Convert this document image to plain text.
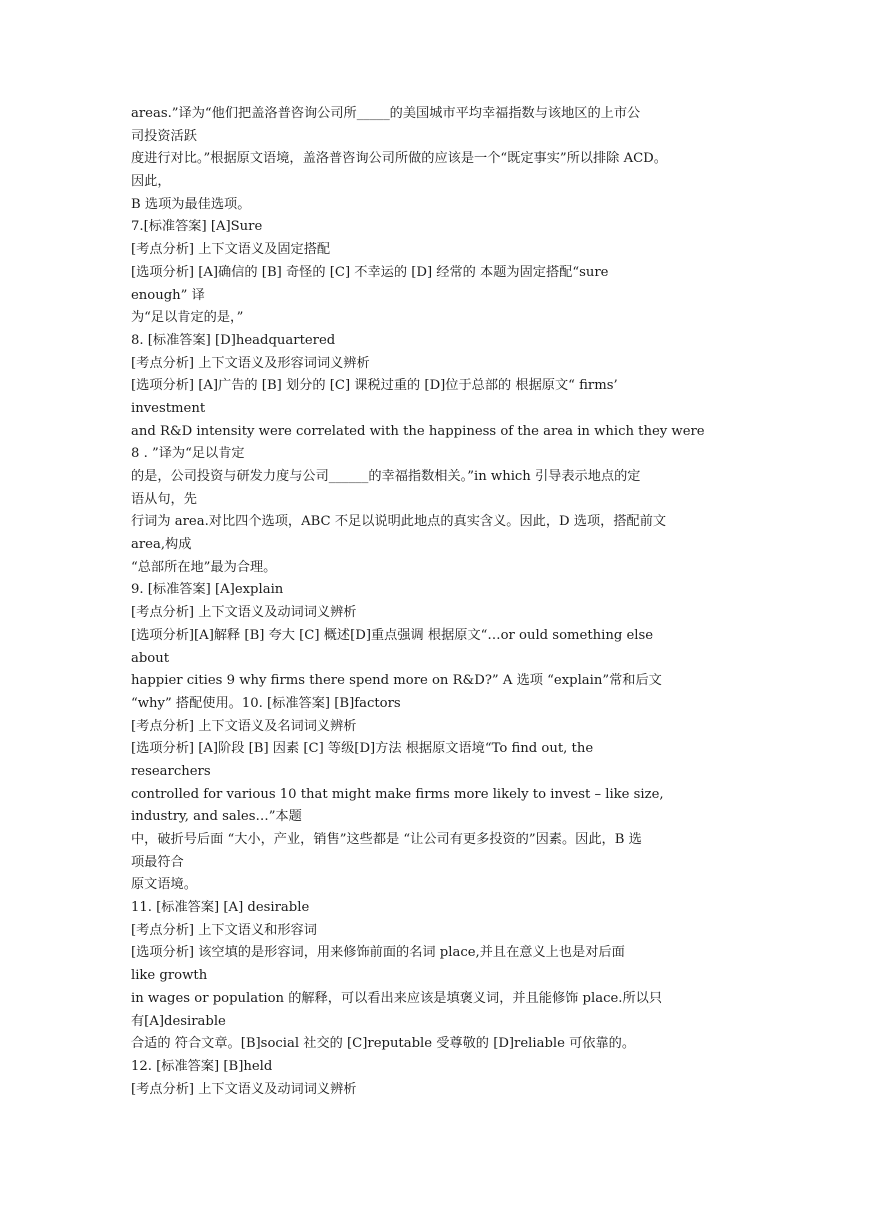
areas.”译为“他们把盖洛普咨询公司所_____的美国城市平均幸福指数与该地区的上市公
司投资活跃
度进行对比。”根据原文语境，盖洛普咨询公司所做的应该是一个“既定事实”所以排除 ACD。
因此，
B 选项为最佳选项。
7.[标准答案] [A]Sure
[考点分析] 上下文语义及固定搭配
[选项分析] [A]确信的 [B] 奇怪的 [C] 不幸运的 [D] 经常的 本题为固定搭配“sure
enough” 译
为“足以肯定的是，”
8. [标准答案] [D]headquartered
[考点分析] 上下文语义及形容词词义辨析
[选项分析] [A]广告的 [B] 划分的 [C] 课税过重的 [D]位于总部的 根据原文“ firms’
investment
and R&D intensity were correlated with the happiness of the area in which they were
8 . ”译为“足以肯定
的是，公司投资与研发力度与公司______的幸福指数相关。”in which 引导表示地点的定
语从句，先
行词为 area.对比四个选项，ABC 不足以说明此地点的真实含义。因此，D 选项，搭配前文
area,构成
“总部所在地”最为合理。
9. [标准答案] [A]explain
[考点分析] 上下文语义及动词词义辨析
[选项分析][A]解释 [B] 夸大 [C] 概述[D]重点强调 根据原文“…or ould something else
about
happier cities 9 why firms there spend more on R&D?” A 选项 “explain”常和后文
“why” 搭配使用。10. [标准答案] [B]factors
[考点分析] 上下文语义及名词词义辨析
[选项分析] [A]阶段 [B] 因素 [C] 等级[D]方法 根据原文语境“To find out, the
researchers
controlled for various 10 that might make firms more likely to invest – like size,
industry, and sales…”本题
中，破折号后面 “大小，产业，销售”这些都是 “让公司有更多投资的”因素。因此，B 选
项最符合
原文语境。
11. [标准答案] [A] desirable
[考点分析] 上下文语义和形容词
[选项分析] 该空填的是形容词，用来修饰前面的名词 place,并且在意义上也是对后面
like growth
in wages or population 的解释，可以看出来应该是填褒义词，并且能修饰 place.所以只
有[A]desirable
合适的 符合文章。[B]social 社交的 [C]reputable 受尊敬的 [D]reliable 可依靠的。
12. [标准答案] [B]held
[考点分析] 上下文语义及动词词义辨析
